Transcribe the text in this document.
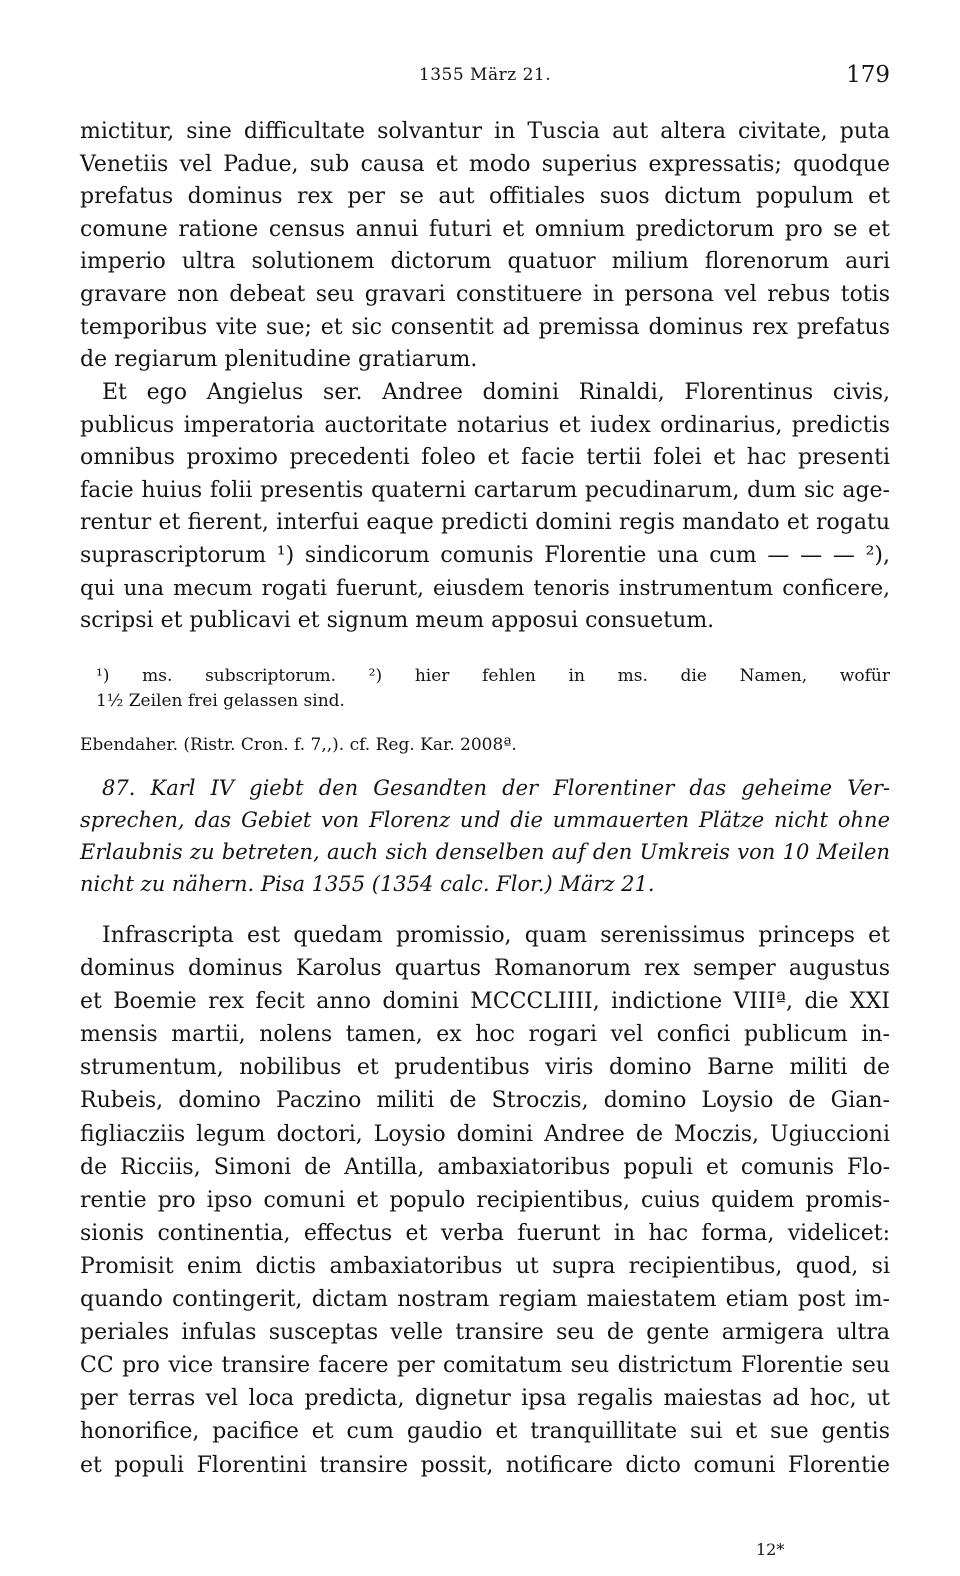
1355 März 21.	179
mictitur, sine difficultate solvantur in Tuscia aut altera civitate, puta
Venetiis vel Padue, sub causa et modo superius expressatis; quodque
prefatus dominus rex per se aut offitiales suos dictum populum et
comune ratione census annui futuri et omnium predictorum pro se et
imperio ultra solutionem dictorum quatuor milium florenorum auri
gravare non debeat seu gravari constituere in persona vel rebus totis
temporibus vite sue; et sic consentit ad premissa dominus rex prefatus
de regiarum plenitudine gratiarum.
Et ego Angielus ser. Andree domini Rinaldi, Florentinus civis,
publicus imperatoria auctoritate notarius et iudex ordinarius, predictis
omnibus proximo precedenti foleo et facie tertii folei et hac presenti
facie huius folii presentis quaterni cartarum pecudinarum, dum sic age-
rentur et fierent, interfui eaque predicti domini regis mandato et rogatu
suprascriptorum ¹) sindicorum comunis Florentie una cum — — — ²),
qui una mecum rogati fuerunt, eiusdem tenoris instrumentum conficere,
scripsi et publicavi et signum meum apposui consuetum.
¹) ms. subscriptorum. ²) hier fehlen in ms. die Namen, wofür
1½ Zeilen frei gelassen sind.
Ebendaher. (Ristr. Cron. f. 7,,). cf. Reg. Kar. 2008ª.
87. Karl IV giebt den Gesandten der Florentiner das geheime Ver-
sprechen, das Gebiet von Florenz und die ummauerten Plätze nicht ohne
Erlaubnis zu betreten, auch sich denselben auf den Umkreis von 10 Meilen
nicht zu nähern. Pisa 1355 (1354 calc. Flor.) März 21.
Infrascripta est quedam promissio, quam serenissimus princeps et
dominus dominus Karolus quartus Romanorum rex semper augustus
et Boemie rex fecit anno domini MCCCLIIII, indictione VIIIª, die XXI
mensis martii, nolens tamen, ex hoc rogari vel confici publicum in-
strumentum, nobilibus et prudentibus viris domino Barne militi de
Rubeis, domino Paczino militi de Stroczis, domino Loysio de Gian-
figliacziis legum doctori, Loysio domini Andree de Moczis, Ugiuccioni
de Ricciis, Simoni de Antilla, ambaxiatoribus populi et comunis Flo-
rentie pro ipso comuni et populo recipientibus, cuius quidem promis-
sionis continentia, effectus et verba fuerunt in hac forma, videlicet:
Promisit enim dictis ambaxiatoribus ut supra recipientibus, quod, si
quando contingerit, dictam nostram regiam maiestatem etiam post im-
periales infulas susceptas velle transire seu de gente armigera ultra
CC pro vice transire facere per comitatum seu districtum Florentie seu
per terras vel loca predicta, dignetur ipsa regalis maiestas ad hoc, ut
honorifice, pacifice et cum gaudio et tranquillitate sui et sue gentis
et populi Florentini transire possit, notificare dicto comuni Florentie
12*
